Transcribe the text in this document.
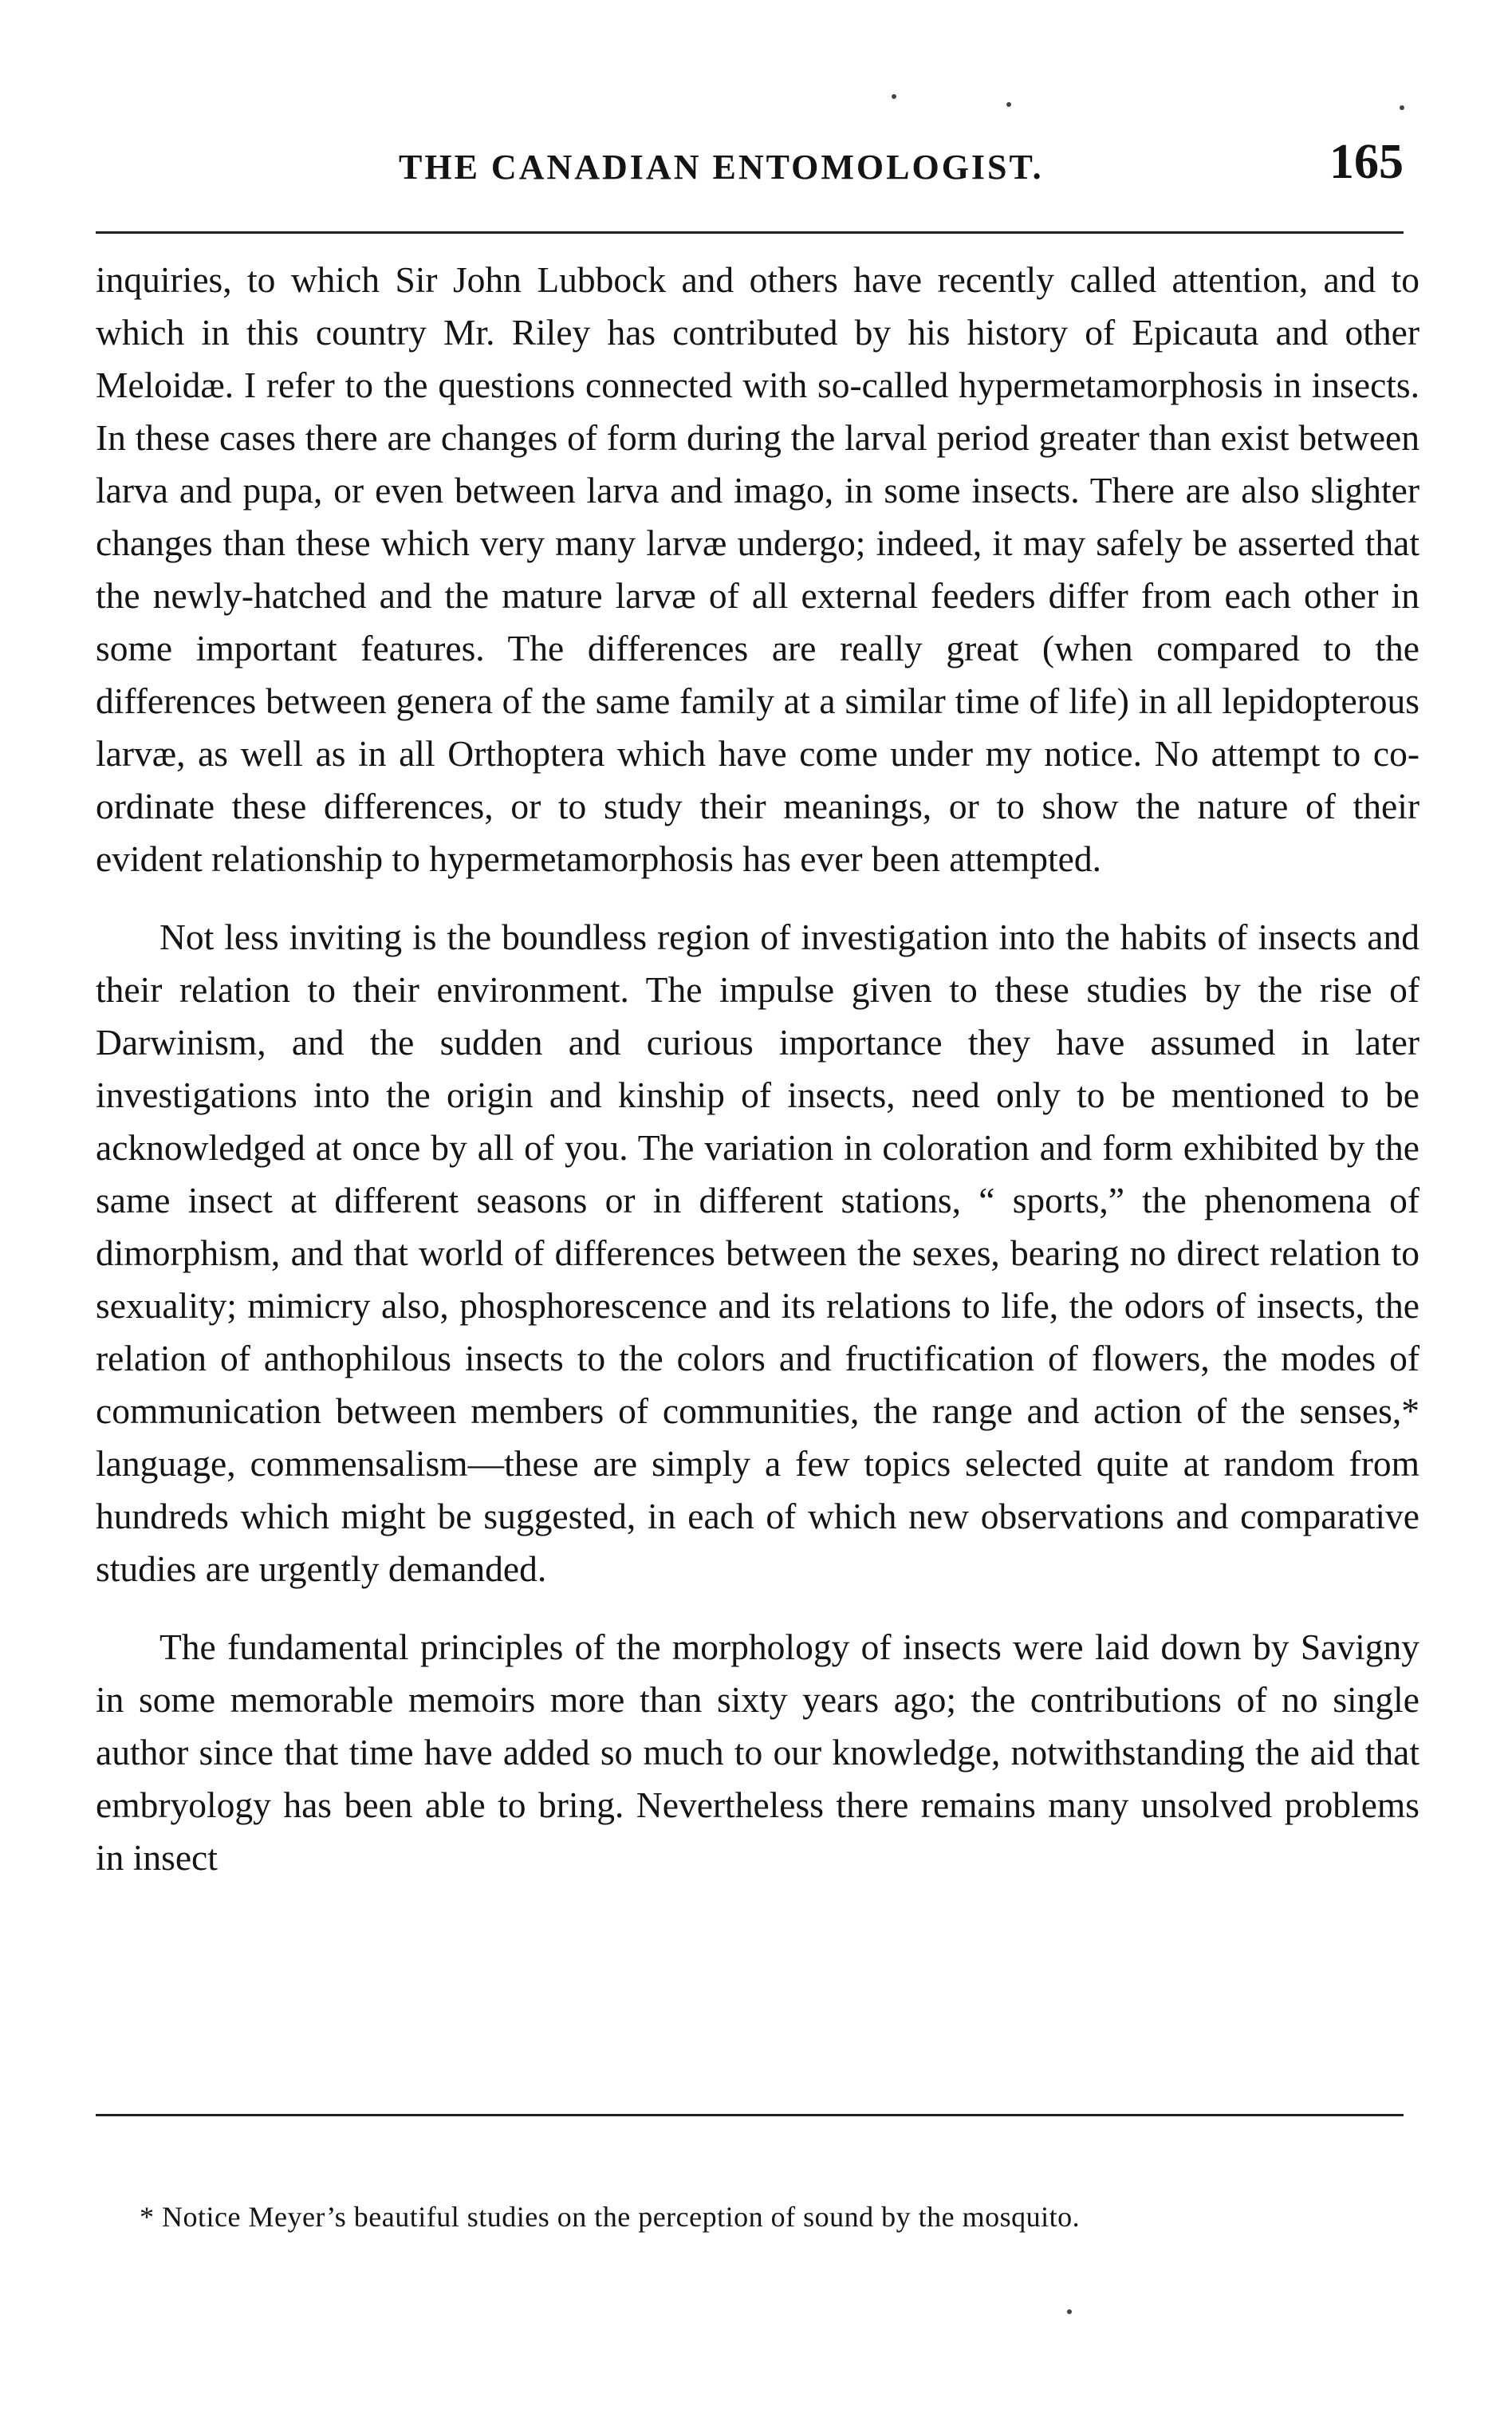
THE CANADIAN ENTOMOLOGIST.	165

inquiries, to which Sir John Lubbock and others have recently called attention, and to which in this country Mr. Riley has contributed by his history of Epicauta and other Meloidæ. I refer to the questions connected with so-called hypermetamorphosis in insects. In these cases there are changes of form during the larval period greater than exist between larva and pupa, or even between larva and imago, in some insects. There are also slighter changes than these which very many larvæ undergo; indeed, it may safely be asserted that the newly-hatched and the mature larvæ of all external feeders differ from each other in some important features. The differences are really great (when compared to the differences between genera of the same family at a similar time of life) in all lepidopterous larvæ, as well as in all Orthoptera which have come under my notice. No attempt to co-ordinate these differences, or to study their meanings, or to show the nature of their evident relationship to hypermetamorphosis has ever been attempted.

Not less inviting is the boundless region of investigation into the habits of insects and their relation to their environment. The impulse given to these studies by the rise of Darwinism, and the sudden and curious importance they have assumed in later investigations into the origin and kinship of insects, need only to be mentioned to be acknowledged at once by all of you. The variation in coloration and form exhibited by the same insect at different seasons or in different stations, “ sports,” the phenomena of dimorphism, and that world of differences between the sexes, bearing no direct relation to sexuality; mimicry also, phosphorescence and its relations to life, the odors of insects, the relation of anthophilous insects to the colors and fructification of flowers, the modes of communication between members of communities, the range and action of the senses,* language, commensalism—these are simply a few topics selected quite at random from hundreds which might be suggested, in each of which new observations and comparative studies are urgently demanded.

The fundamental principles of the morphology of insects were laid down by Savigny in some memorable memoirs more than sixty years ago; the contributions of no single author since that time have added so much to our knowledge, notwithstanding the aid that embryology has been able to bring. Nevertheless there remains many unsolved problems in insect

* Notice Meyer’s beautiful studies on the perception of sound by the mosquito.
